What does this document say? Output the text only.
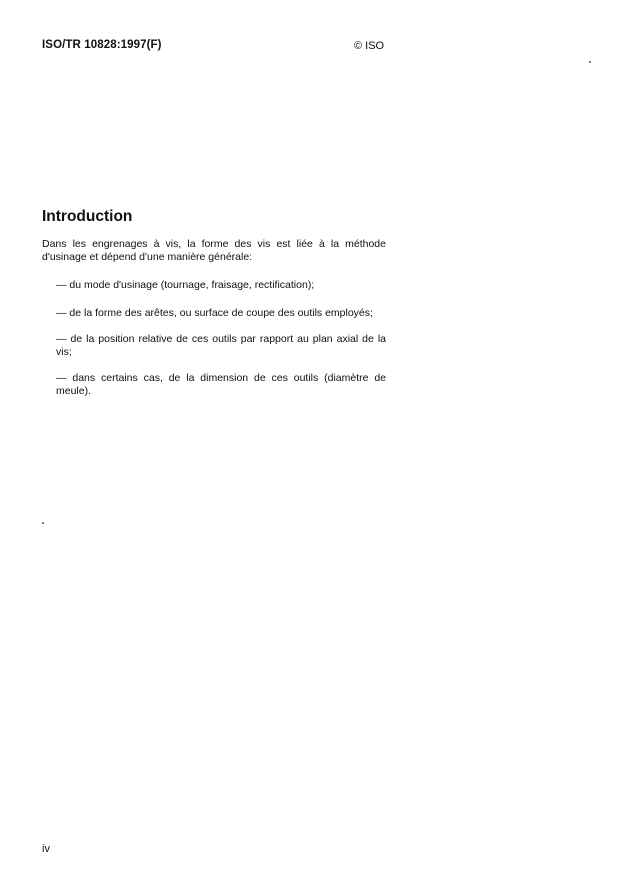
ISO/TR 10828:1997(F)	© ISO
Introduction

Dans les engrenages à vis, la forme des vis est liée à la méthode d'usinage et dépend d'une manière générale:

— du mode d'usinage (tournage, fraisage, rectification);
— de la forme des arêtes, ou surface de coupe des outils employés;
— de la position relative de ces outils par rapport au plan axial de la vis;
— dans certains cas, de la dimension de ces outils (diamètre de meule).
iv
